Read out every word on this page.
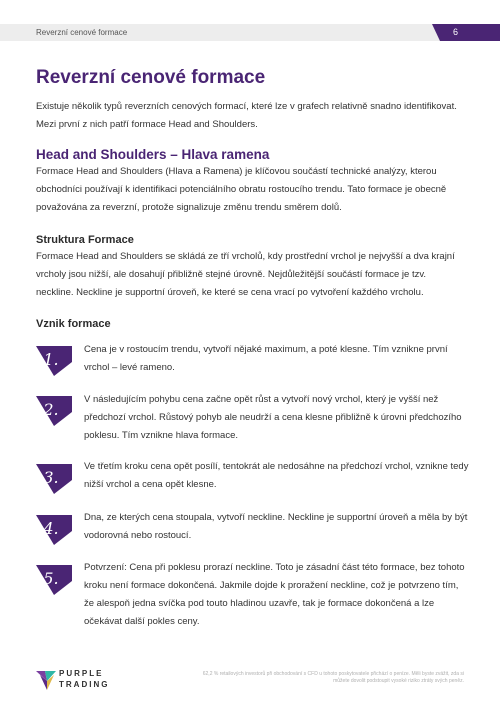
Reverzní cenové formace	6
Reverzní cenové formace
Existuje několik typů reverzních cenových formací, které lze v grafech relativně snadno identifikovat. Mezi první z nich patří formace Head and Shoulders.
Head and Shoulders – Hlava ramena
Formace Head and Shoulders (Hlava a Ramena) je klíčovou součástí technické analýzy, kterou obchodníci používají k identifikaci potenciálního obratu rostoucího trendu. Tato formace je obecně považována za reverzní, protože signalizuje změnu trendu směrem dolů.
Struktura Formace
Formace Head and Shoulders se skládá ze tří vrcholů, kdy prostřední vrchol je nejvyšší a dva krajní vrcholy jsou nižší, ale dosahují přibližně stejné úrovně. Nejdůležitější součástí formace je tzv. neckline. Neckline je supportní úroveň, ke které se cena vrací po vytvoření každého vrcholu.
Vznik formace
1.
Cena je v rostoucím trendu, vytvoří nějaké maximum, a poté klesne. Tím vznikne první vrchol – levé rameno.
2.
V následujícím pohybu cena začne opět růst a vytvoří nový vrchol, který je vyšší než předchozí vrchol. Růstový pohyb ale neudrží a cena klesne přibližně k úrovni předchozího poklesu. Tím vznikne hlava formace.
3.
Ve třetím kroku cena opět posílí, tentokrát ale nedosáhne na předchozí vrchol, vznikne tedy nižší vrchol a cena opět klesne.
4.
Dna, ze kterých cena stoupala, vytvoří neckline. Neckline je supportní úroveň a měla by být vodorovná nebo rostoucí.
5.
Potvrzení: Cena při poklesu prorazí neckline. Toto je zásadní část této formace, bez tohoto kroku není formace dokončená. Jakmile dojde k proražení neckline, což je potvrzeno tím, že alespoň jedna svíčka pod touto hladinou uzavře, tak je formace dokončená a lze očekávat další pokles ceny.
PURPLE
TRADING
62,2 % retailových investorů při obchodování s CFD u tohoto poskytovatele přichází o peníze. Měli byste zvážit, zda si můžete dovolit podstoupit vysoké riziko ztráty svých peněz.
